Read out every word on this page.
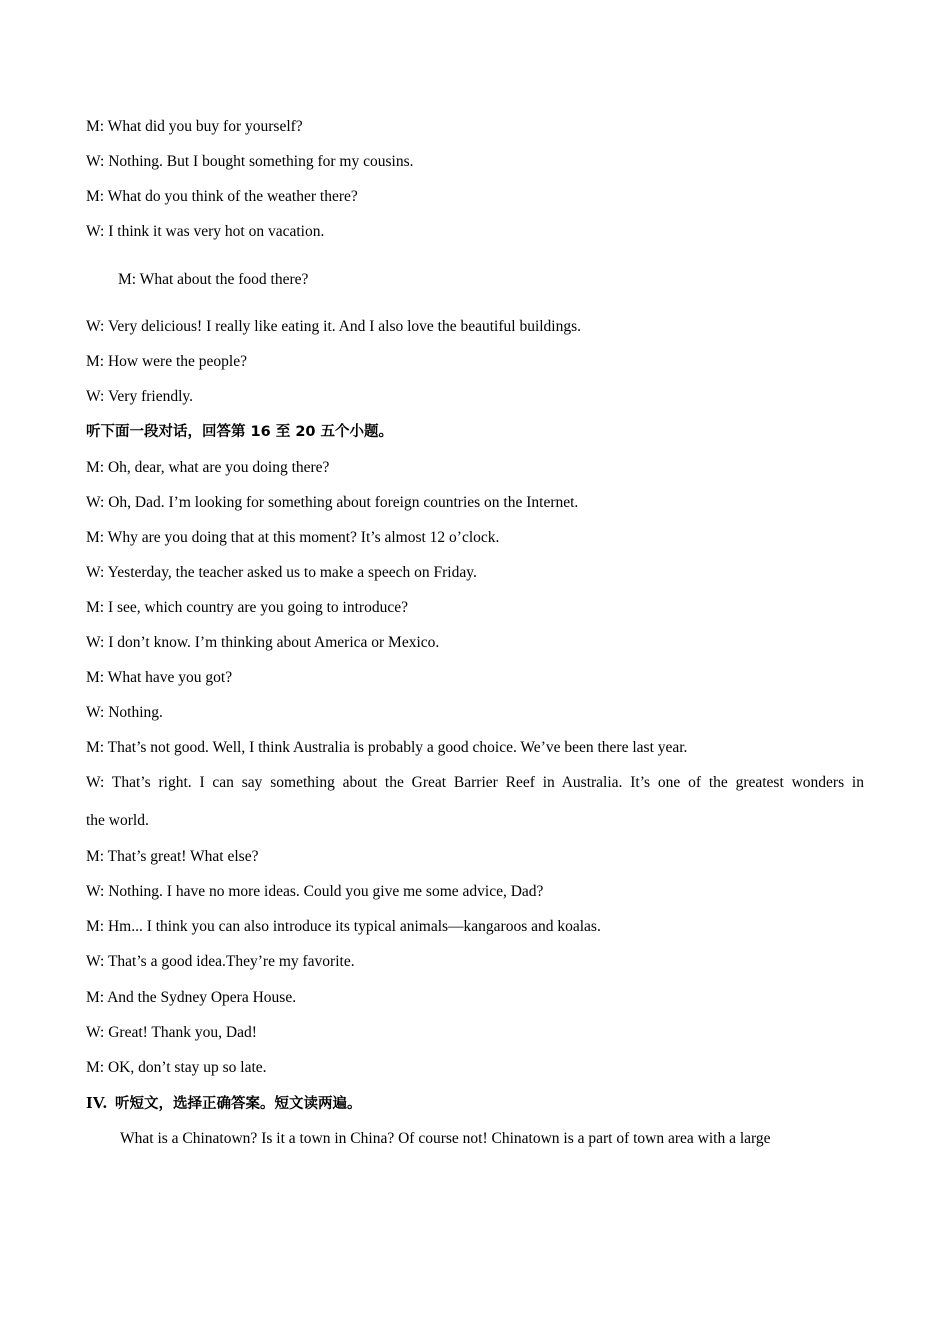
M: What did you buy for yourself?
W: Nothing. But I bought something for my cousins.
M: What do you think of the weather there?
W: I think it was very hot on vacation.
M: What about the food there?
W: Very delicious! I really like eating it. And I also love the beautiful buildings.
M: How were the people?
W: Very friendly.
听下面一段对话，回答第 16 至 20 五个小题。
M: Oh, dear, what are you doing there?
W: Oh, Dad. I’m looking for something about foreign countries on the Internet.
M: Why are you doing that at this moment? It’s almost 12 o’clock.
W: Yesterday, the teacher asked us to make a speech on Friday.
M: I see, which country are you going to introduce?
W: I don’t know. I’m thinking about America or Mexico.
M: What have you got?
W: Nothing.
M: That’s not good. Well, I think Australia is probably a good choice. We’ve been there last year.
W: That’s right. I can say something about the Great Barrier Reef in Australia. It’s one of the greatest wonders in
the world.
M: That’s great! What else?
W: Nothing. I have no more ideas. Could you give me some advice, Dad?
M: Hm... I think you can also introduce its typical animals—kangaroos and koalas.
W: That’s a good idea.They’re my favorite.
M: And the Sydney Opera House.
W: Great! Thank you, Dad!
M: OK, don’t stay up so late.
IV. 听短文，选择正确答案。短文读两遍。
What is a Chinatown? Is it a town in China? Of course not! Chinatown is a part of town area with a large
